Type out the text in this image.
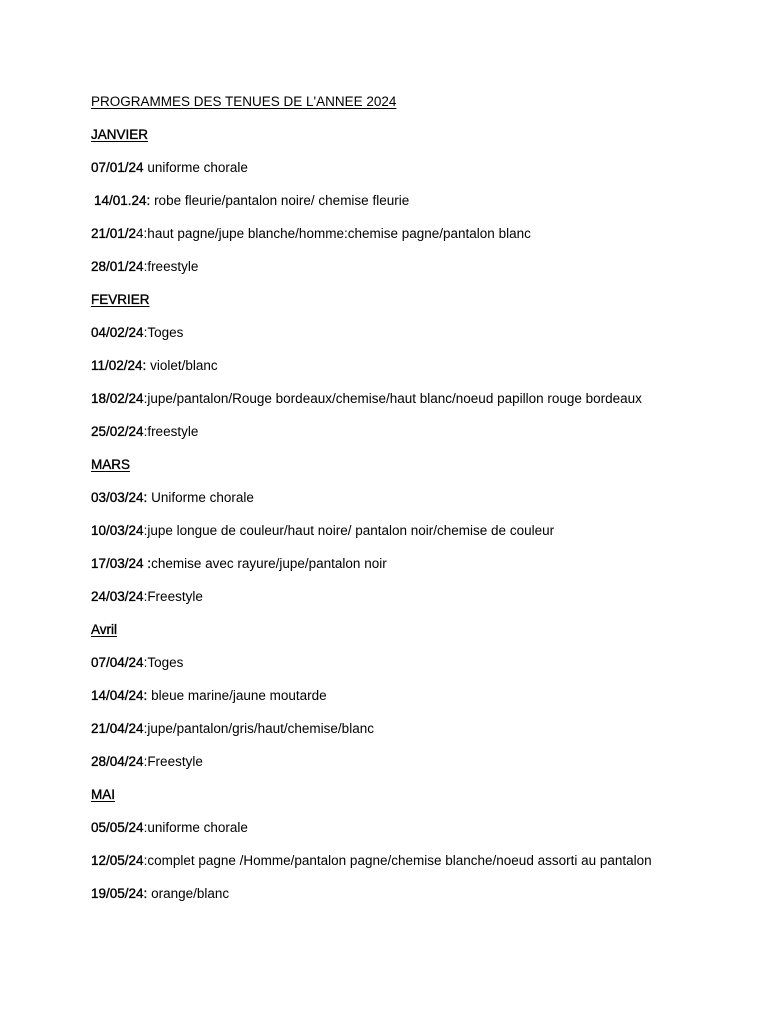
PROGRAMMES DES TENUES DE L'ANNEE 2024
JANVIER
07/01/24 uniforme chorale
14/01.24: robe fleurie/pantalon noire/ chemise fleurie
21/01/24:haut pagne/jupe blanche/homme:chemise pagne/pantalon blanc
28/01/24:freestyle
FEVRIER
04/02/24:Toges
11/02/24: violet/blanc
18/02/24:jupe/pantalon/Rouge bordeaux/chemise/haut blanc/noeud papillon rouge bordeaux
25/02/24:freestyle
MARS
03/03/24: Uniforme chorale
10/03/24:jupe longue de couleur/haut noire/ pantalon noir/chemise de couleur
17/03/24 :chemise avec rayure/jupe/pantalon noir
24/03/24:Freestyle
Avril
07/04/24:Toges
14/04/24: bleue marine/jaune moutarde
21/04/24:jupe/pantalon/gris/haut/chemise/blanc
28/04/24:Freestyle
MAI
05/05/24:uniforme chorale
12/05/24:complet pagne /Homme/pantalon pagne/chemise blanche/noeud assorti au pantalon
19/05/24: orange/blanc
